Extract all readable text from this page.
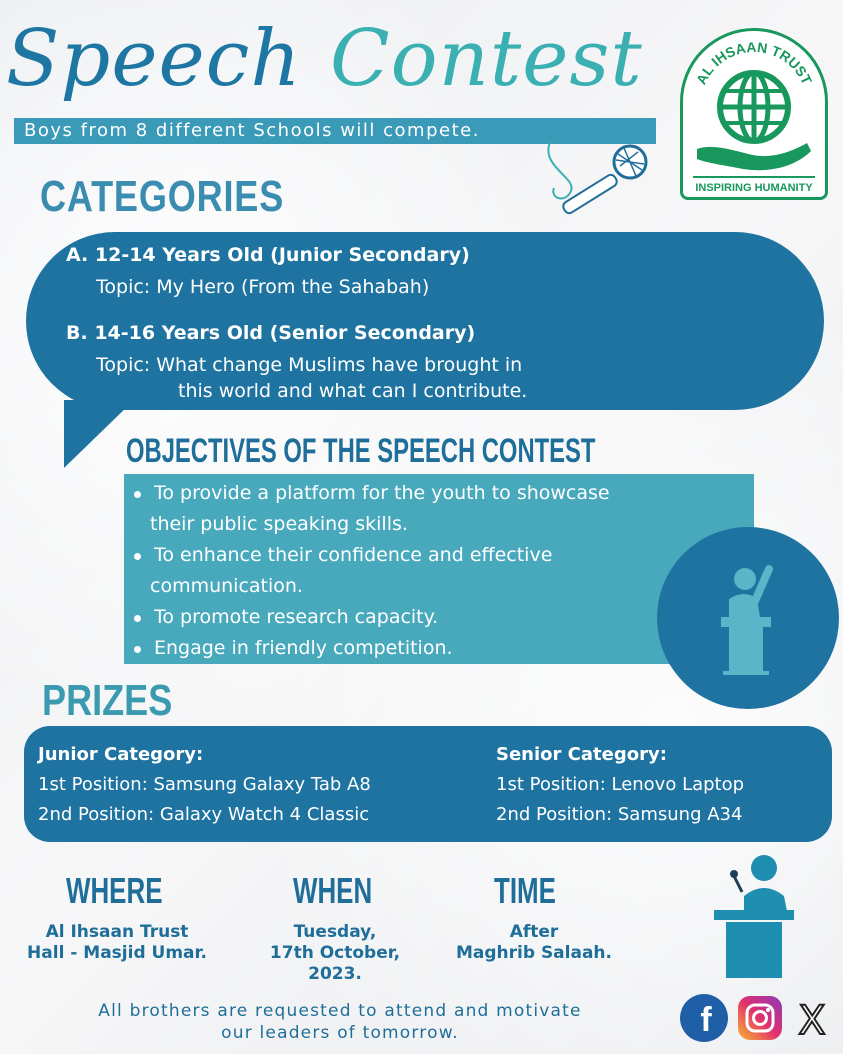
Speech Contest
Boys from 8 different Schools will compete.
AL IHSAAN TRUST
INSPIRING HUMANITY
CATEGORIES
A. 12-14 Years Old (Junior Secondary)
Topic: My Hero (From the Sahabah)
B. 14-16 Years Old (Senior Secondary)
Topic: What change Muslims have brought in
this world and what can I contribute.
OBJECTIVES OF THE SPEECH CONTEST
To provide a platform for the youth to showcase
their public speaking skills.
To enhance their confidence and effective
communication.
To promote research capacity.
Engage in friendly competition.
PRIZES
Junior Category:
1st Position: Samsung Galaxy Tab A8
2nd Position: Galaxy Watch 4 Classic
Senior Category:
1st Position: Lenovo Laptop
2nd Position: Samsung A34
WHERE
Al Ihsaan Trust
Hall - Masjid Umar.
WHEN
Tuesday,
17th October,
2023.
TIME
After
Maghrib Salaah.
All brothers are requested to attend and motivate
our leaders of tomorrow.	f X
